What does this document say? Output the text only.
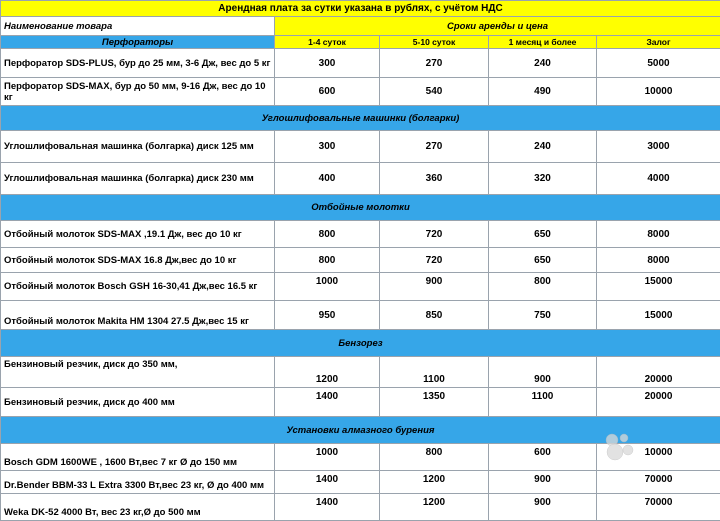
Арендная плата за сутки указана в рублях, с учётом НДС				
Наименование товара	Сроки аренды и цена			
Перфораторы	1-4 суток	5-10 суток	1 месяц и более	Залог
Перфоратор SDS-PLUS, бур до 25 мм, 3-6 Дж, вес до 5 кг	300	270	240	5000
Перфоратор SDS-MAX, бур до 50 мм, 9-16 Дж, вес до 10 кг	600	540	490	10000
Углошлифовальные машинки (болгарки)				
Углошлифовальная машинка (болгарка) диск 125 мм	300	270	240	3000
Углошлифовальная машинка (болгарка) диск 230 мм	400	360	320	4000
Отбойные молотки				
Отбойный молоток SDS-MAX ,19.1 Дж, вес до 10 кг	800	720	650	8000
Отбойный молоток SDS-MAX 16.8 Дж,вес до 10 кг	800	720	650	8000
Отбойный молоток Bosch GSH 16-30,41 Дж,вес 16.5 кг	1000	900	800	15000
Отбойный молоток Makita HM 1304 27.5 Дж,вес 15 кг	950	850	750	15000
Бензорез				
Бензиновый резчик, диск до 350 мм,	1200	1100	900	20000
Бензиновый резчик, диск до 400 мм	1400	1350	1100	20000
Установки алмазного бурения				
Bosch GDM 1600WE , 1600 Вт,вес 7 кг Ø до 150 мм	1000	800	600	10000
Dr.Bender BBM-33 L Extra 3300 Вт,вес 23 кг, Ø до 400 мм	1400	1200	900	70000
Weka DK-52 4000 Вт, вес 23 кг,Ø до 500 мм	1400	1200	900	70000
